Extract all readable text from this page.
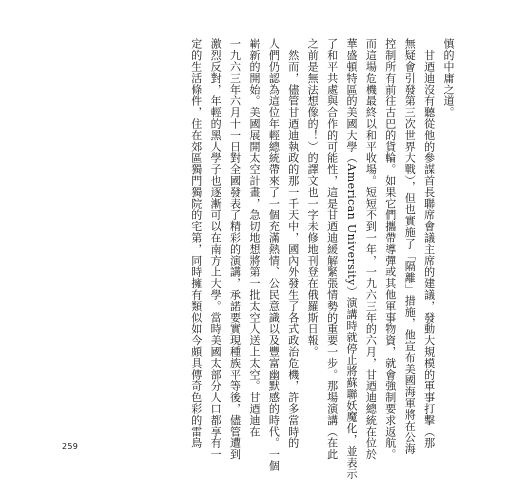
慎的中庸之道。
　甘迺迪沒有聽從他的參謀首長聯席會議主席的建議，發動大規模的軍事打擊（那
無疑會引發第三次世界大戰），但也實施了「隔離」措施，他宣布美國海軍將在公海
控制所有前往古巴的貨輪。如果它們攜帶導彈或其他軍事物資，就會強制要求返航。
而這場危機最終以和平收場。短短不到一年，一九六三年的六月，甘迺迪總統在位於
華盛頓特區的美國大學（American University）演講時就停止將蘇聯妖魔化，並表示
了和平共處與合作的可能性，這是甘迺迪緩解緊張情勢的重要一步。那場演講（在此
之前是無法想像的！）的譯文也一字未修地刊登在俄羅斯日報。
　然而，儘管甘迺迪執政的那一千天中，國內外發生了各式政治危機，許多當時的
人們仍認為這位年輕總統帶來了一個充滿熱情、公民意識以及豐富幽默感的時代。一個
嶄新的開始。美國展開太空計畫，急切地想將第一批太空人送上太空。甘迺迪在
一九六三年六月十一日對全國發表了精彩的演講，承諾要實現種族平等後，儘管遭到
激烈反對，年輕的黑人學子也逐漸可以在南方上大學。當時美國太部分人口都享有一
定的生活條件，住在郊區獨門獨院的宅第，同時擁有類似如今頗具傳奇色彩的雷鳥
259
